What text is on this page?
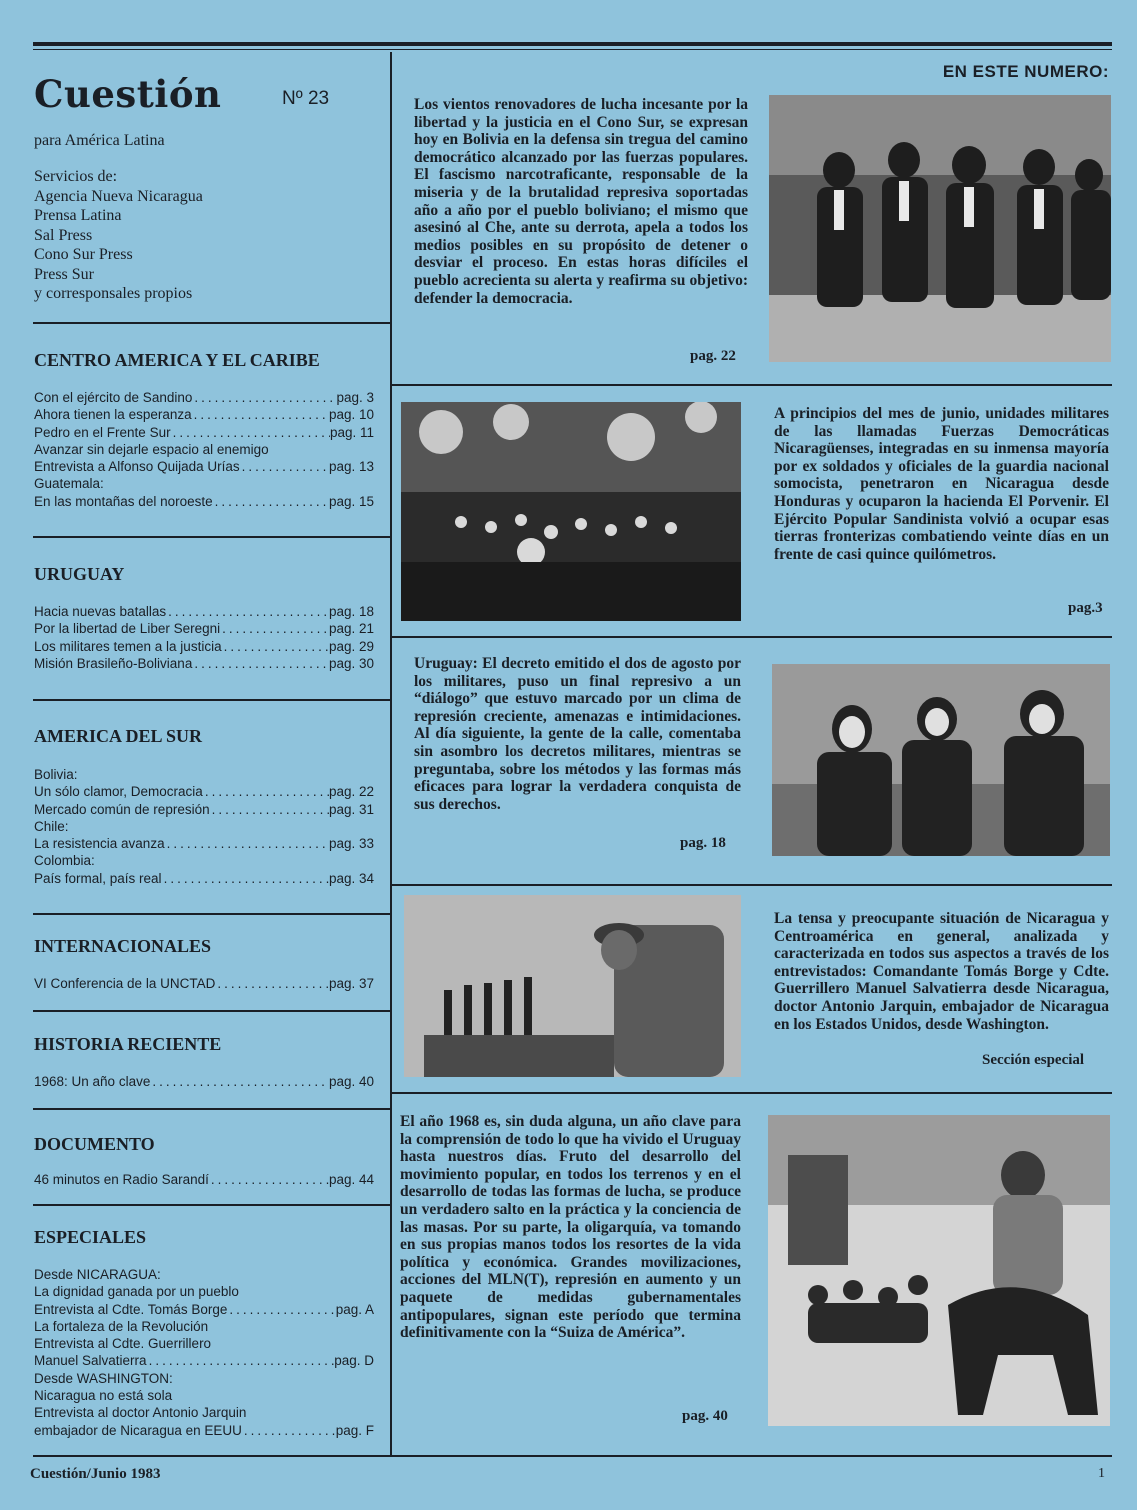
Cuestión	Nº 23
para América Latina
Servicios de:
Agencia Nueva Nicaragua
Prensa Latina
Sal Press
Cono Sur Press
Press Sur
y corresponsales propios
CENTRO AMERICA Y EL CARIBE
Con el ejército de Sandino .....	pag. 3
Ahora tienen la esperanza .....	pag. 10
Pedro en el Frente Sur .....	pag. 11
Avanzar sin dejarle espacio al enemigo
Entrevista a Alfonso Quijada Urías .....	pag. 13
Guatemala:
En las montañas del noroeste .....	pag. 15
URUGUAY
Hacia nuevas batallas .....	pag. 18
Por la libertad de Liber Seregni .....	pag. 21
Los militares temen a la justicia .....	pag. 29
Misión Brasileño-Boliviana .....	pag. 30
AMERICA DEL SUR
Bolivia:
Un sólo clamor, Democracia .....	pag. 22
Mercado común de represión .....	pag. 31
Chile:
La resistencia avanza .....	pag. 33
Colombia:
País formal, país real .....	pag. 34
INTERNACIONALES
VI Conferencia de la UNCTAD .....	pag. 37
HISTORIA RECIENTE
1968: Un año clave .....	pag. 40
DOCUMENTO
46 minutos en Radio Sarandí .....	pag. 44
ESPECIALES
Desde NICARAGUA:
La dignidad ganada por un pueblo
Entrevista al Cdte. Tomás Borge .....	pag. A
La fortaleza de la Revolución
Entrevista al Cdte. Guerrillero
Manuel Salvatierra .....	pag. D
Desde WASHINGTON:
Nicaragua no está sola
Entrevista al doctor Antonio Jarquin
embajador de Nicaragua en EEUU .....	pag. F
EN ESTE NUMERO:
Los vientos renovadores de lucha incesante por la libertad y la justicia en el Cono Sur, se expresan hoy en Bolivia en la defensa sin tregua del camino democrático alcanzado por las fuerzas populares. El fascismo narcotraficante, responsable de la miseria y de la brutalidad represiva soportadas año a año por el pueblo boliviano; el mismo que asesinó al Che, ante su derrota, apela a todos los medios posibles en su propósito de detener o desviar el proceso. En estas horas difíciles el pueblo acrecienta su alerta y reafirma su objetivo: defender la democracia.
pag. 22
A principios del mes de junio, unidades militares de las llamadas Fuerzas Democráticas Nicaragüenses, integradas en su inmensa mayoría por ex soldados y oficiales de la guardia nacional somocista, penetraron en Nicaragua desde Honduras y ocuparon la hacienda El Porvenir. El Ejército Popular Sandinista volvió a ocupar esas tierras fronterizas combatiendo veinte días en un frente de casi quince quilómetros.
pag.3
Uruguay: El decreto emitido el dos de agosto por los militares, puso un final represivo a un “diálogo” que estuvo marcado por un clima de represión creciente, amenazas e intimidaciones. Al día siguiente, la gente de la calle, comentaba sin asombro los decretos militares, mientras se preguntaba, sobre los métodos y las formas más eficaces para lograr la verdadera conquista de sus derechos.
pag. 18
La tensa y preocupante situación de Nicaragua y Centroamérica en general, analizada y caracterizada en todos sus aspectos a través de los entrevistados: Comandante Tomás Borge y Cdte. Guerrillero Manuel Salvatierra desde Nicaragua, doctor Antonio Jarquin, embajador de Nicaragua en los Estados Unidos, desde Washington.
Sección especial
El año 1968 es, sin duda alguna, un año clave para la comprensión de todo lo que ha vivido el Uruguay hasta nuestros días. Fruto del desarrollo del movimiento popular, en todos los terrenos y en el desarrollo de todas las formas de lucha, se produce un verdadero salto en la práctica y la conciencia de las masas. Por su parte, la oligarquía, va tomando en sus propias manos todos los resortes de la vida política y económica. Grandes movilizaciones, acciones del MLN(T), represión en aumento y un paquete de medidas gubernamentales antipopulares, signan este período que termina definitivamente con la “Suiza de América”.
pag. 40
Cuestión/Junio 1983	1
